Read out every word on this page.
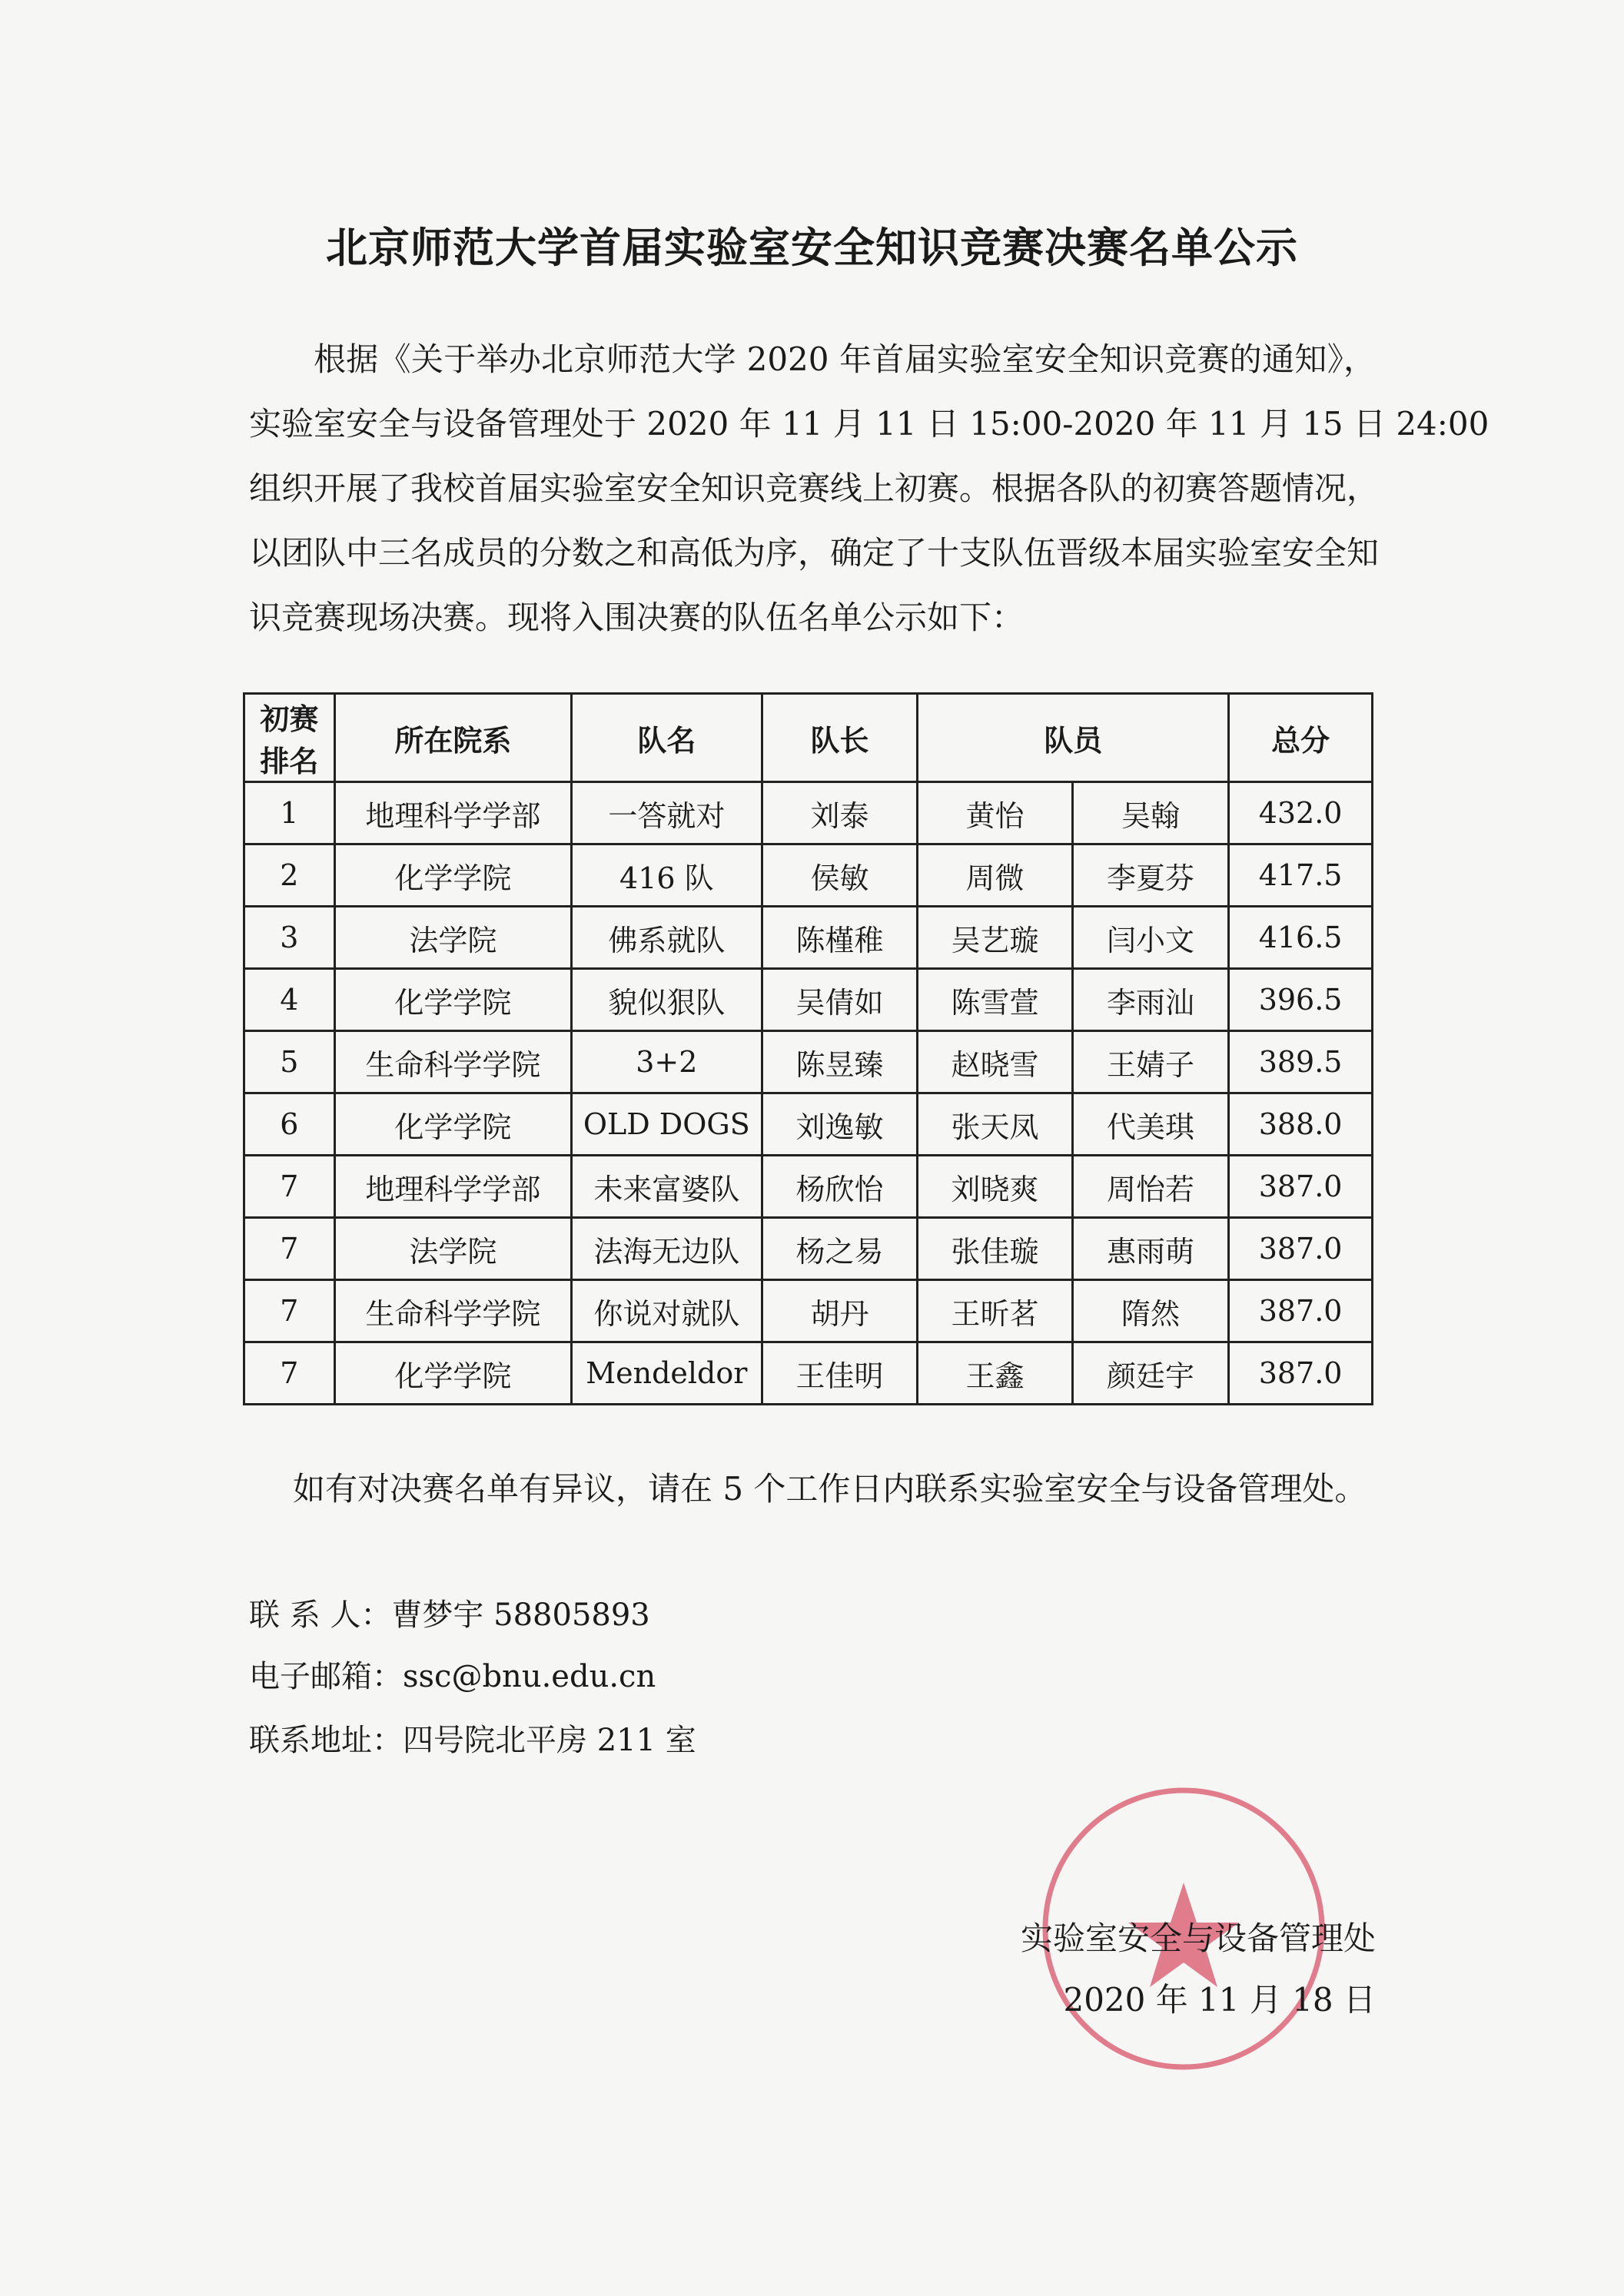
北京师范大学首届实验室安全知识竞赛决赛名单公示
根据《关于举办北京师范大学 2020 年首届实验室安全知识竞赛的通知》，
实验室安全与设备管理处于 2020 年 11 月 11 日 15:00-2020 年 11 月 15 日 24:00
组织开展了我校首届实验室安全知识竞赛线上初赛。根据各队的初赛答题情况，
以团队中三名成员的分数之和高低为序，确定了十支队伍晋级本届实验室安全知
识竞赛现场决赛。现将入围决赛的队伍名单公示如下：
初赛
排名	所在院系	队名	队长	队员		总分
1	地理科学学部	一答就对	刘泰	黄怡	吴翰	432.0
2	化学学院	416 队	侯敏	周微	李夏芬	417.5
3	法学院	佛系就队	陈槿稚	吴艺璇	闫小文	416.5
4	化学学院	貌似狠队	吴倩如	陈雪萱	李雨汕	396.5
5	生命科学学院	3+2	陈昱臻	赵晓雪	王婧子	389.5
6	化学学院	OLD DOGS	刘逸敏	张天凤	代美琪	388.0
7	地理科学学部	未来富婆队	杨欣怡	刘晓爽	周怡若	387.0
7	法学院	法海无边队	杨之易	张佳璇	惠雨萌	387.0
7	生命科学学院	你说对就队	胡丹	王昕茗	隋然	387.0
7	化学学院	Mendeldor	王佳明	王鑫	颜廷宇	387.0
如有对决赛名单有异议，请在 5 个工作日内联系实验室安全与设备管理处。
联 系 人：曹梦宇 58805893
电子邮箱：ssc@bnu.edu.cn
联系地址：四号院北平房 211 室
实验室安全与设备管理处
2020 年 11 月 18 日
